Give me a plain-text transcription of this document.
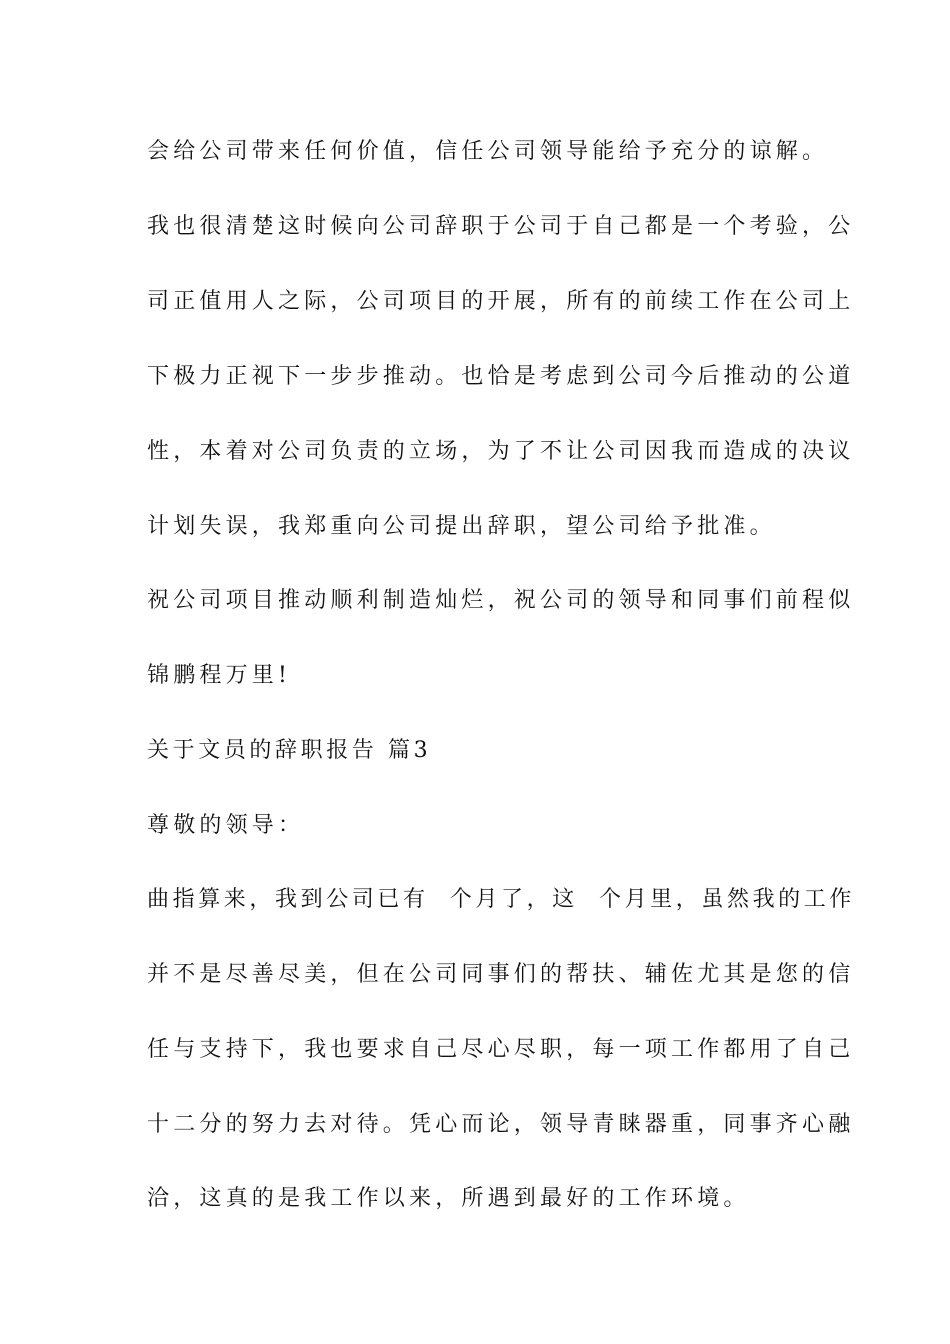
会给公司带来任何价值，信任公司领导能给予充分的谅解。
我也很清楚这时候向公司辞职于公司于自己都是一个考验，公
司正值用人之际，公司项目的开展，所有的前续工作在公司上
下极力正视下一步步推动。也恰是考虑到公司今后推动的公道
性，本着对公司负责的立场，为了不让公司因我而造成的决议
计划失误，我郑重向公司提出辞职，望公司给予批准。
祝公司项目推动顺利制造灿烂，祝公司的领导和同事们前程似
锦鹏程万里!
关于文员的辞职报告 篇3
尊敬的领导：
曲指算来，我到公司已有  个月了，这  个月里，虽然我的工作
并不是尽善尽美，但在公司同事们的帮扶、辅佐尤其是您的信
任与支持下，我也要求自己尽心尽职，每一项工作都用了自己
十二分的努力去对待。凭心而论，领导青睐器重，同事齐心融
洽，这真的是我工作以来，所遇到最好的工作环境。
